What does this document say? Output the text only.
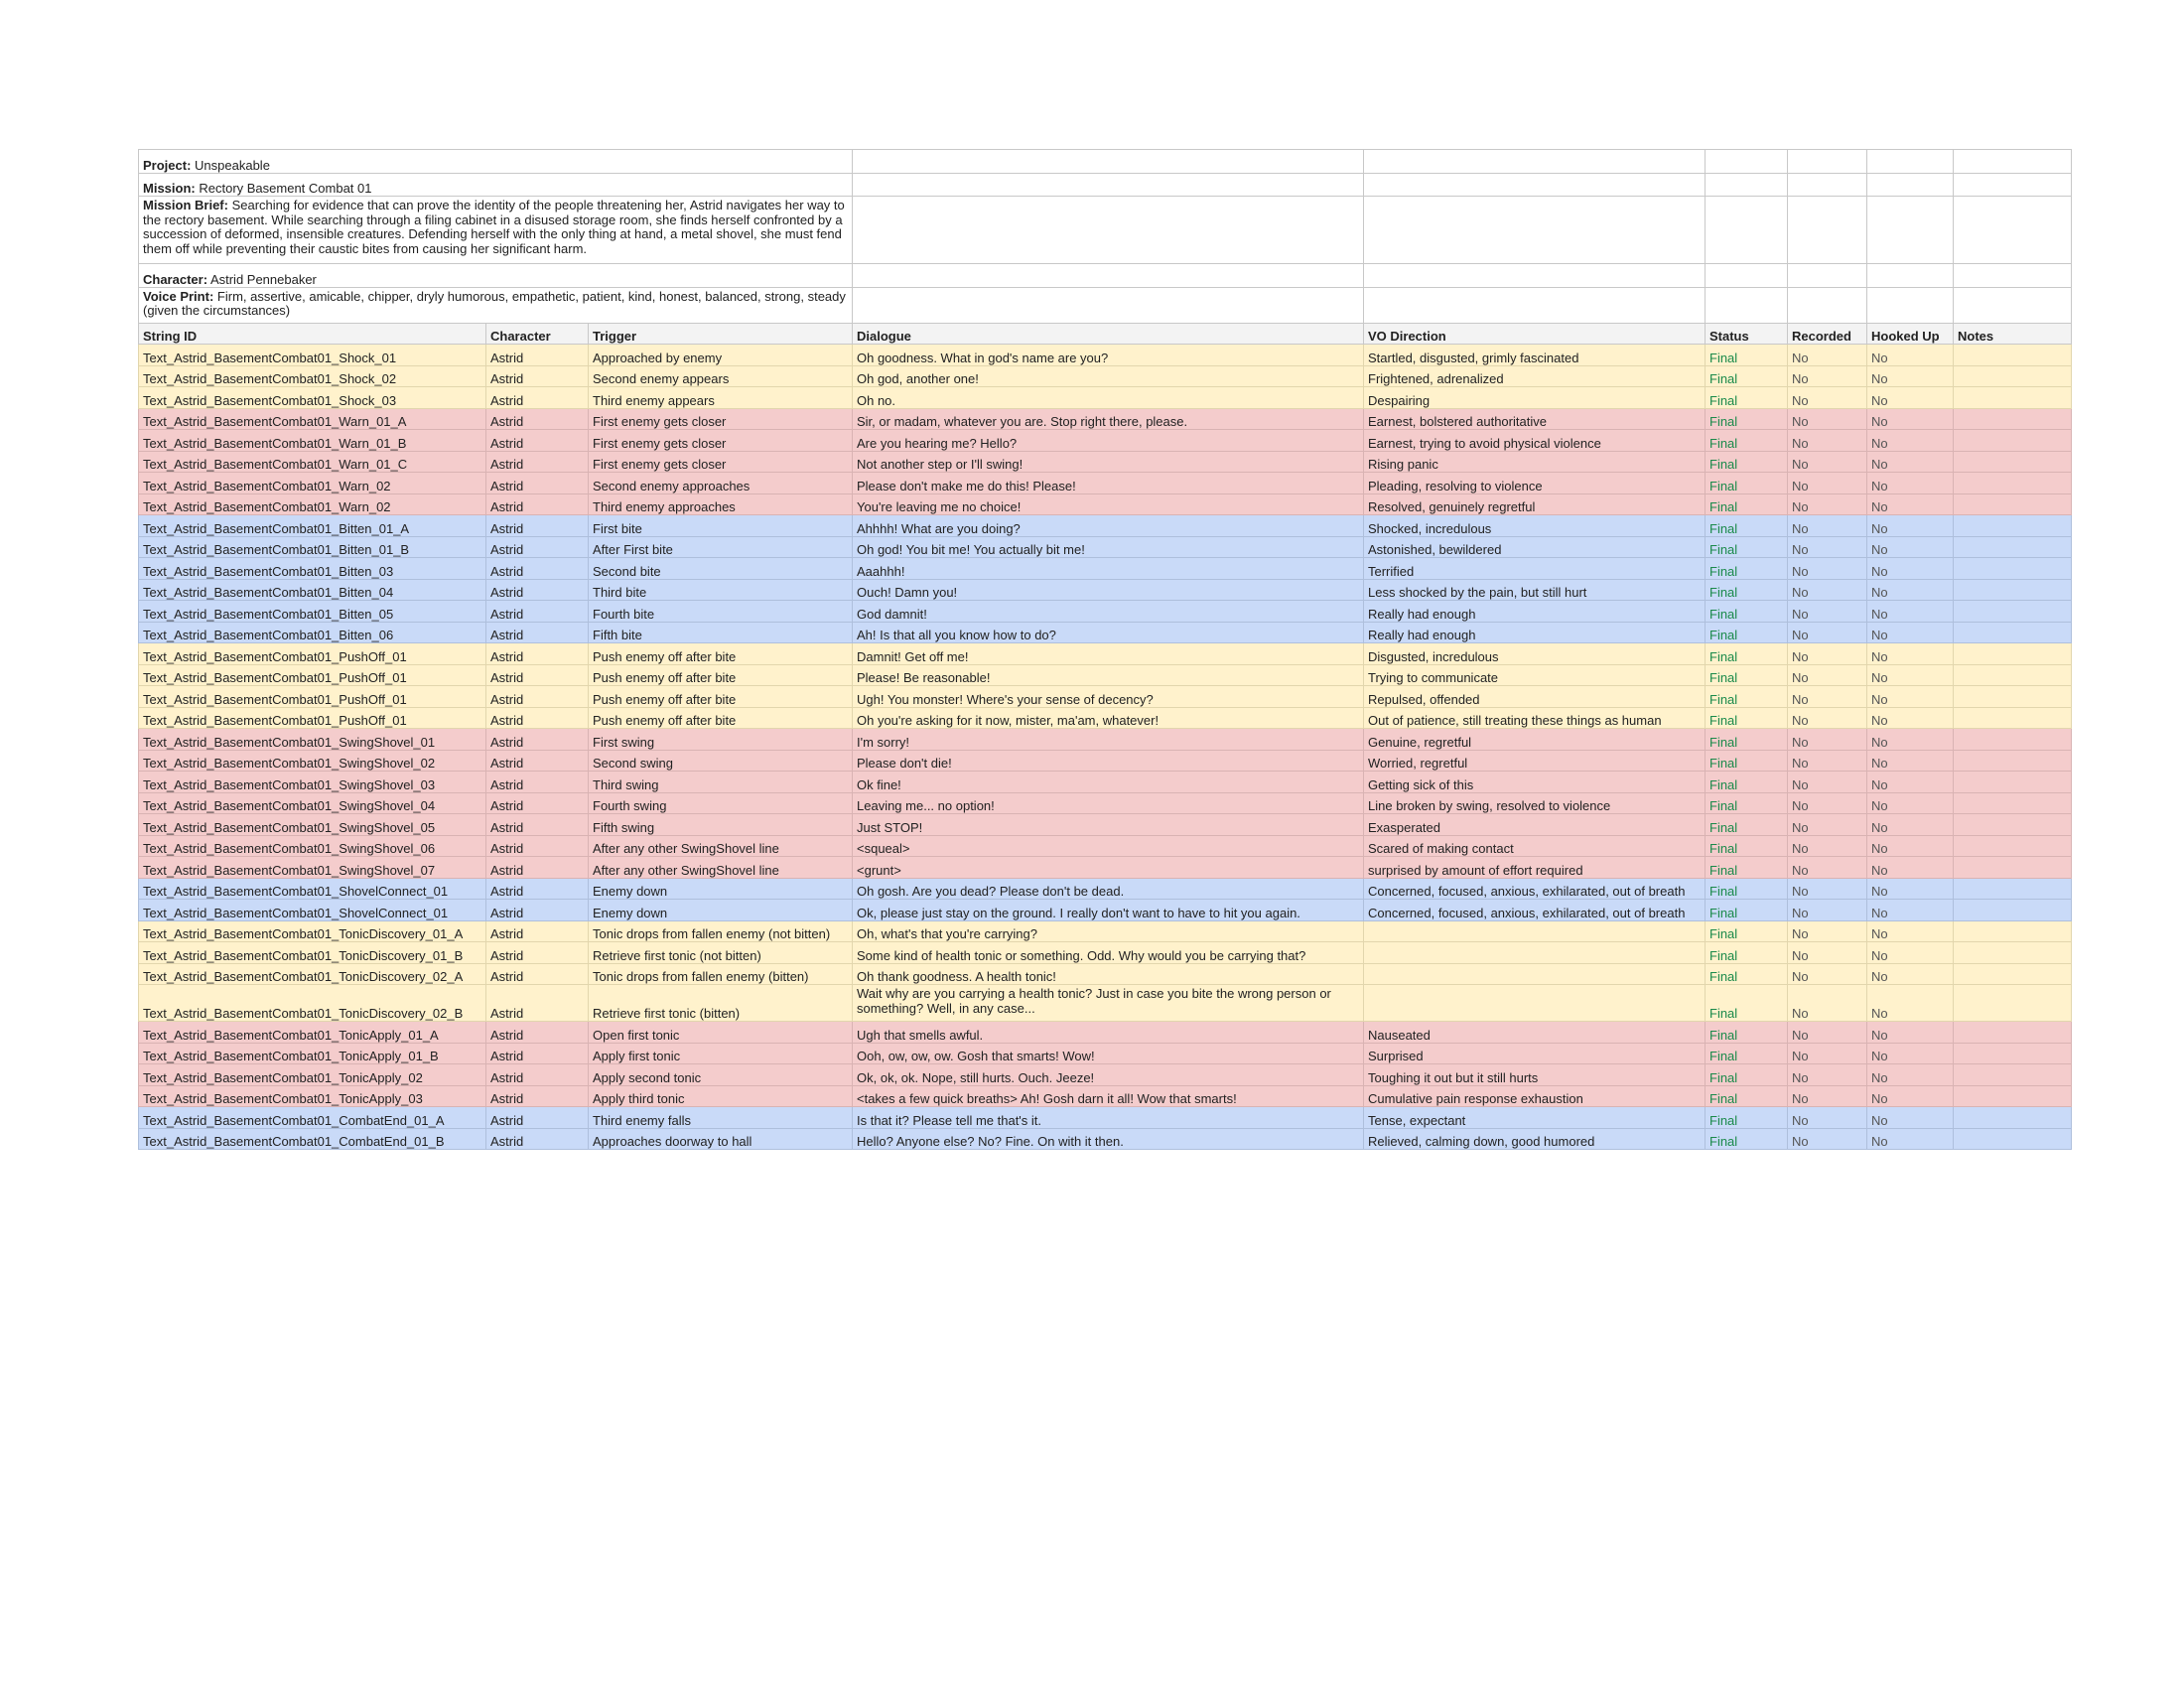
Project: Unspeakable								
Mission: Rectory Basement Combat 01								
Mission Brief: Searching for evidence that can prove the identity of the people threatening her, Astrid navigates her way to the rectory basement. While searching through a filing cabinet in a disused storage room, she finds herself confronted by a succession of deformed, insensible creatures. Defending herself with the only thing at hand, a metal shovel, she must fend them off while preventing their caustic bites from causing her significant harm.								
Character: Astrid Pennebaker								
Voice Print: Firm, assertive, amicable, chipper, dryly humorous, empathetic, patient, kind, honest, balanced, strong, steady (given the circumstances)								
String ID	Character	Trigger	Dialogue	VO Direction	Status	Recorded	Hooked Up	Notes
Text_Astrid_BasementCombat01_Shock_01	Astrid	Approached by enemy	Oh goodness. What in god's name are you?	Startled, disgusted, grimly fascinated	Final	No	No	
Text_Astrid_BasementCombat01_Shock_02	Astrid	Second enemy appears	Oh god, another one!	Frightened, adrenalized	Final	No	No	
Text_Astrid_BasementCombat01_Shock_03	Astrid	Third enemy appears	Oh no.	Despairing	Final	No	No	
Text_Astrid_BasementCombat01_Warn_01_A	Astrid	First enemy gets closer	Sir, or madam, whatever you are. Stop right there, please.	Earnest, bolstered authoritative	Final	No	No	
Text_Astrid_BasementCombat01_Warn_01_B	Astrid	First enemy gets closer	Are you hearing me? Hello?	Earnest, trying to avoid physical violence	Final	No	No	
Text_Astrid_BasementCombat01_Warn_01_C	Astrid	First enemy gets closer	Not another step or I'll swing!	Rising panic	Final	No	No	
Text_Astrid_BasementCombat01_Warn_02	Astrid	Second enemy approaches	Please don't make me do this! Please!	Pleading, resolving to violence	Final	No	No	
Text_Astrid_BasementCombat01_Warn_02	Astrid	Third enemy approaches	You're leaving me no choice!	Resolved, genuinely regretful	Final	No	No	
Text_Astrid_BasementCombat01_Bitten_01_A	Astrid	First bite	Ahhhh! What are you doing?	Shocked, incredulous	Final	No	No	
Text_Astrid_BasementCombat01_Bitten_01_B	Astrid	After First bite	Oh god! You bit me! You actually bit me!	Astonished, bewildered	Final	No	No	
Text_Astrid_BasementCombat01_Bitten_03	Astrid	Second bite	Aaahhh!	Terrified	Final	No	No	
Text_Astrid_BasementCombat01_Bitten_04	Astrid	Third bite	Ouch! Damn you!	Less shocked by the pain, but still hurt	Final	No	No	
Text_Astrid_BasementCombat01_Bitten_05	Astrid	Fourth bite	God damnit!	Really had enough	Final	No	No	
Text_Astrid_BasementCombat01_Bitten_06	Astrid	Fifth bite	Ah! Is that all you know how to do?	Really had enough	Final	No	No	
Text_Astrid_BasementCombat01_PushOff_01	Astrid	Push enemy off after bite	Damnit! Get off me!	Disgusted, incredulous	Final	No	No	
Text_Astrid_BasementCombat01_PushOff_01	Astrid	Push enemy off after bite	Please! Be reasonable!	Trying to communicate	Final	No	No	
Text_Astrid_BasementCombat01_PushOff_01	Astrid	Push enemy off after bite	Ugh! You monster! Where's your sense of decency?	Repulsed, offended	Final	No	No	
Text_Astrid_BasementCombat01_PushOff_01	Astrid	Push enemy off after bite	Oh you're asking for it now, mister, ma'am, whatever!	Out of patience, still treating these things as human	Final	No	No	
Text_Astrid_BasementCombat01_SwingShovel_01	Astrid	First swing	I'm sorry!	Genuine, regretful	Final	No	No	
Text_Astrid_BasementCombat01_SwingShovel_02	Astrid	Second swing	Please don't die!	Worried, regretful	Final	No	No	
Text_Astrid_BasementCombat01_SwingShovel_03	Astrid	Third swing	Ok fine!	Getting sick of this	Final	No	No	
Text_Astrid_BasementCombat01_SwingShovel_04	Astrid	Fourth swing	Leaving me... no option!	Line broken by swing, resolved to violence	Final	No	No	
Text_Astrid_BasementCombat01_SwingShovel_05	Astrid	Fifth swing	Just STOP!	Exasperated	Final	No	No	
Text_Astrid_BasementCombat01_SwingShovel_06	Astrid	After any other SwingShovel line	<squeal>	Scared of making contact	Final	No	No	
Text_Astrid_BasementCombat01_SwingShovel_07	Astrid	After any other SwingShovel line	<grunt>	surprised by amount of effort required	Final	No	No	
Text_Astrid_BasementCombat01_ShovelConnect_01	Astrid	Enemy down	Oh gosh. Are you dead? Please don't be dead.	Concerned, focused, anxious, exhilarated, out of breath	Final	No	No	
Text_Astrid_BasementCombat01_ShovelConnect_01	Astrid	Enemy down	Ok, please just stay on the ground. I really don't want to have to hit you again.	Concerned, focused, anxious, exhilarated, out of breath	Final	No	No	
Text_Astrid_BasementCombat01_TonicDiscovery_01_A	Astrid	Tonic drops from fallen enemy (not bitten)	Oh, what's that you're carrying?		Final	No	No	
Text_Astrid_BasementCombat01_TonicDiscovery_01_B	Astrid	Retrieve first tonic (not bitten)	Some kind of health tonic or something. Odd. Why would you be carrying that?		Final	No	No	
Text_Astrid_BasementCombat01_TonicDiscovery_02_A	Astrid	Tonic drops from fallen enemy (bitten)	Oh thank goodness. A health tonic!		Final	No	No	
Text_Astrid_BasementCombat01_TonicDiscovery_02_B	Astrid	Retrieve first tonic (bitten)	Wait why are you carrying a health tonic? Just in case you bite the wrong person or something? Well, in any case...		Final	No	No	
Text_Astrid_BasementCombat01_TonicApply_01_A	Astrid	Open first tonic	Ugh that smells awful.	Nauseated	Final	No	No	
Text_Astrid_BasementCombat01_TonicApply_01_B	Astrid	Apply first tonic	Ooh, ow, ow, ow. Gosh that smarts! Wow!	Surprised	Final	No	No	
Text_Astrid_BasementCombat01_TonicApply_02	Astrid	Apply second tonic	Ok, ok, ok. Nope, still hurts. Ouch. Jeeze!	Toughing it out but it still hurts	Final	No	No	
Text_Astrid_BasementCombat01_TonicApply_03	Astrid	Apply third tonic	<takes a few quick breaths> Ah! Gosh darn it all! Wow that smarts!	Cumulative pain response exhaustion	Final	No	No	
Text_Astrid_BasementCombat01_CombatEnd_01_A	Astrid	Third enemy falls	Is that it? Please tell me that's it.	Tense, expectant	Final	No	No	
Text_Astrid_BasementCombat01_CombatEnd_01_B	Astrid	Approaches doorway to hall	Hello? Anyone else? No? Fine. On with it then.	Relieved, calming down, good humored	Final	No	No	
